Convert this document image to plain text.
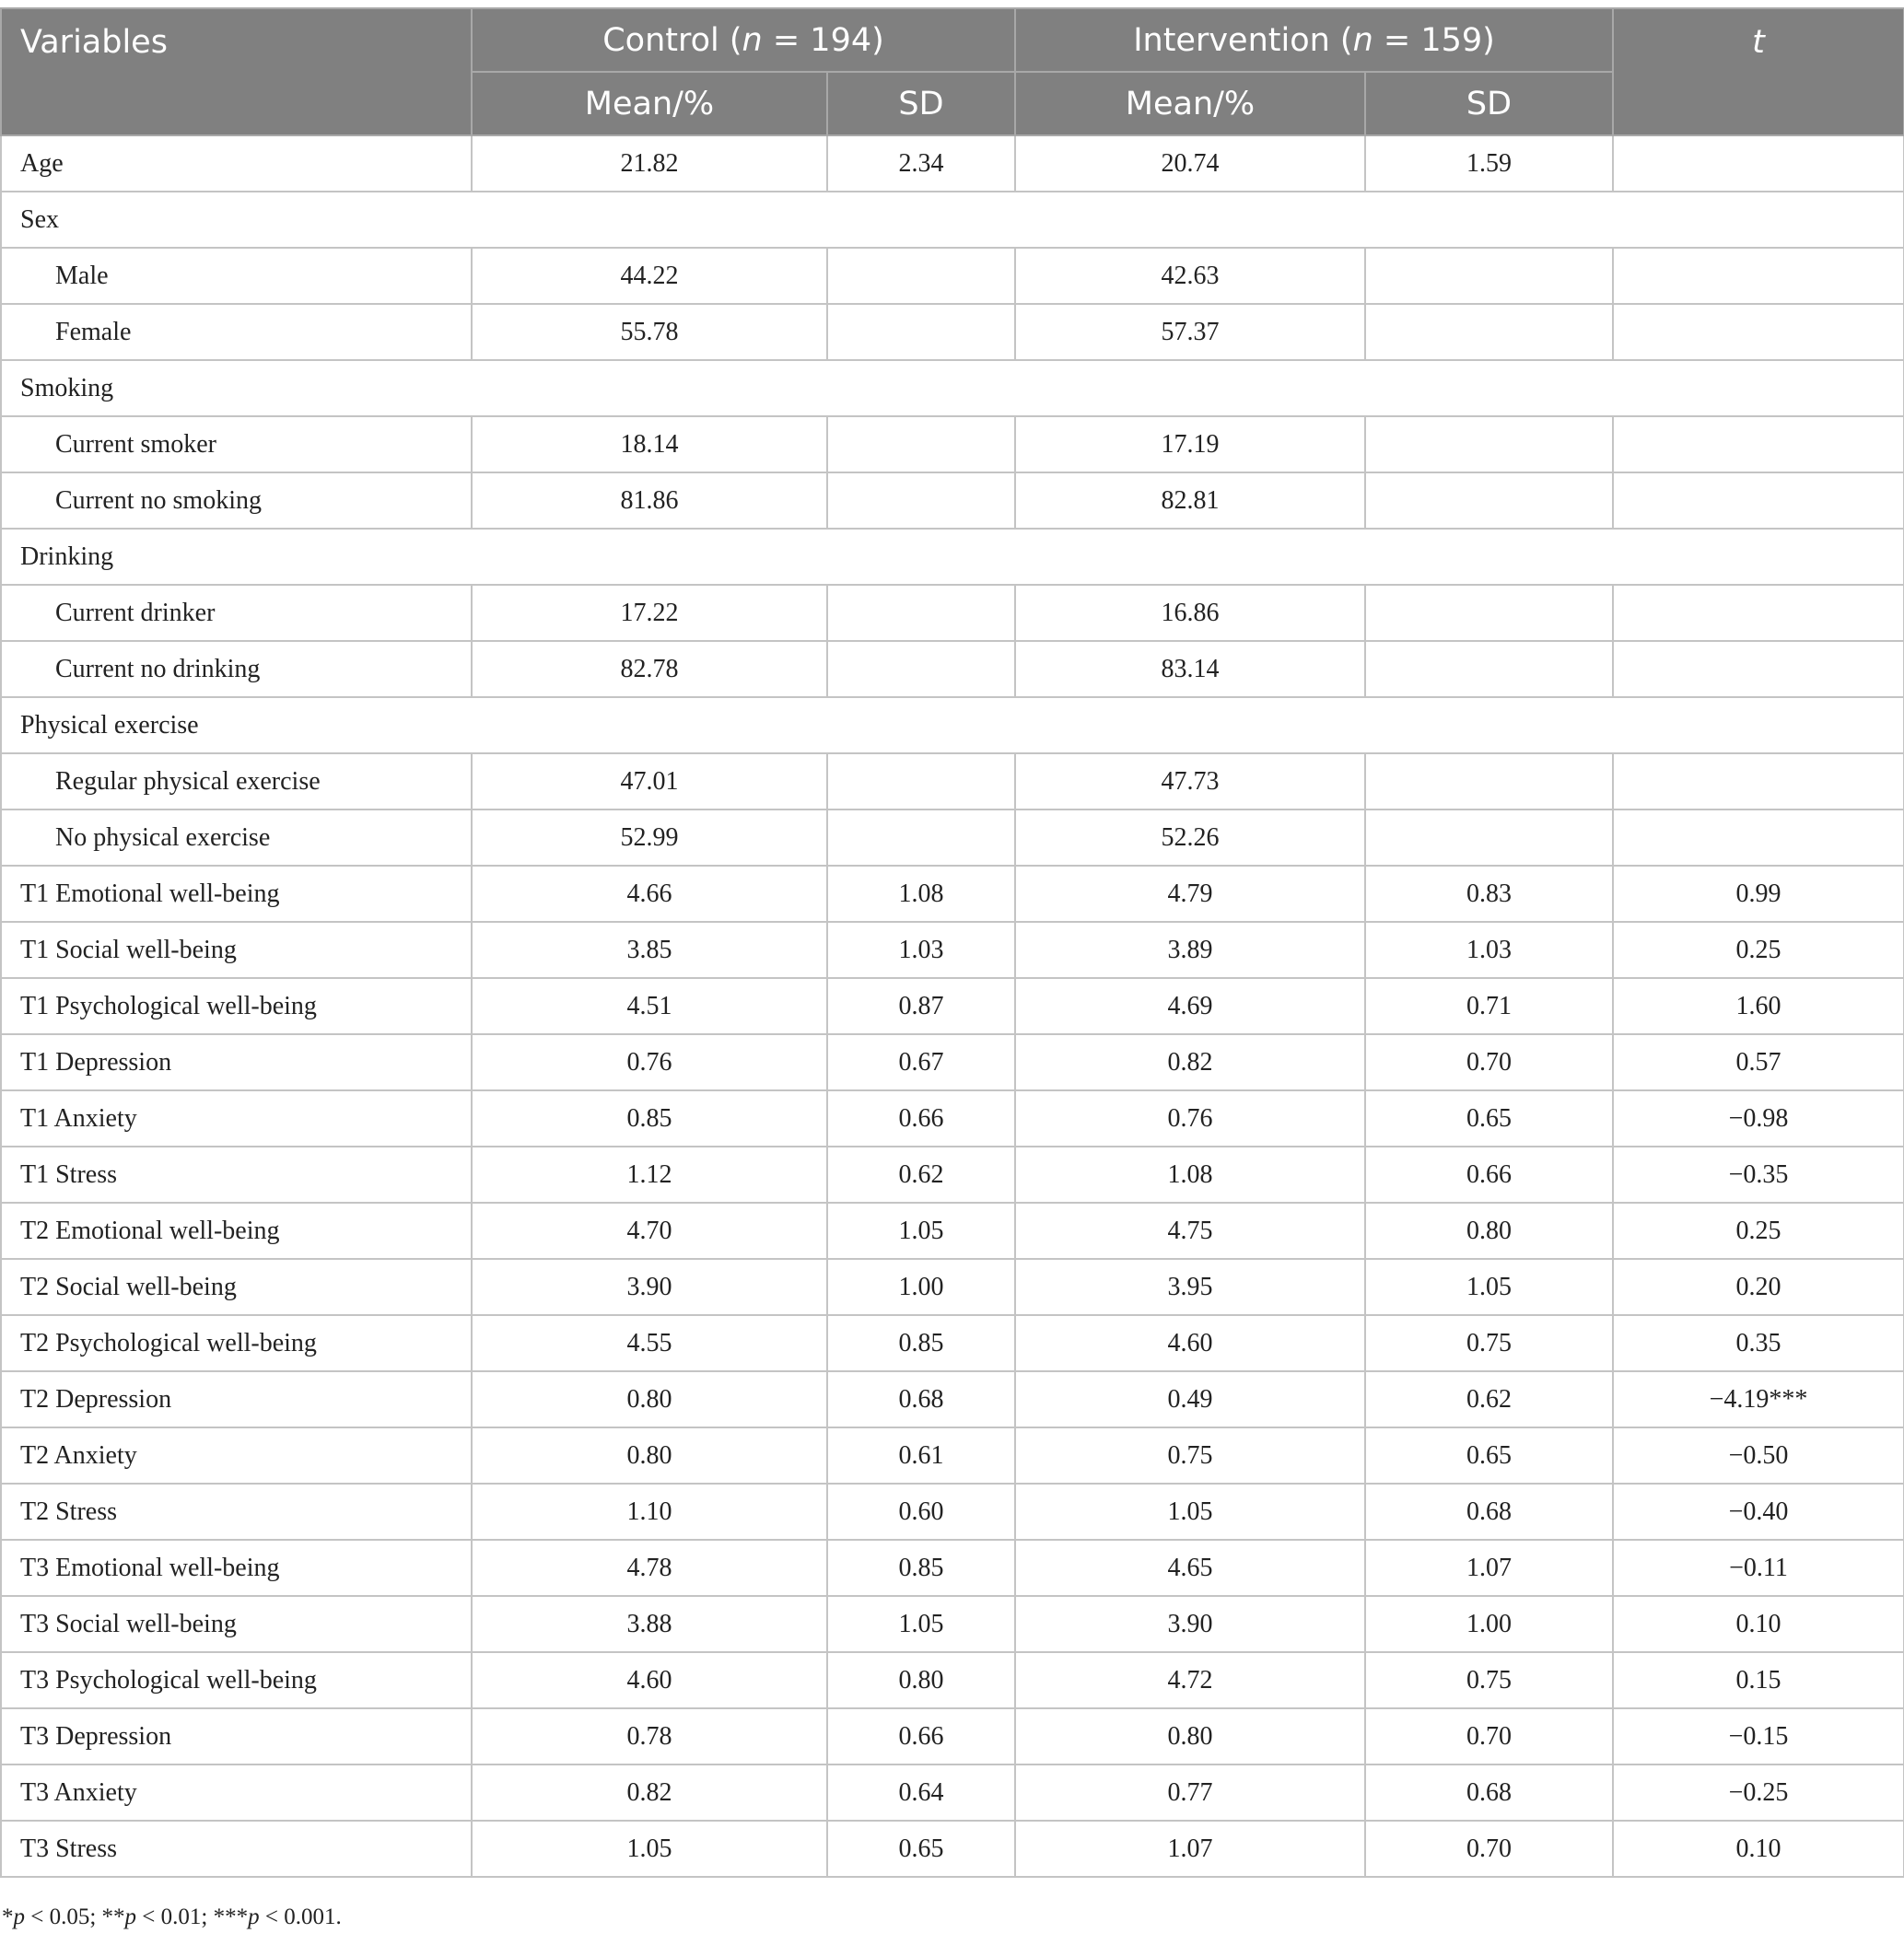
Variables	Control (n = 194)		Intervention (n = 159)		t
	Mean/%	SD	Mean/%	SD	
Age	21.82	2.34	20.74	1.59	
Sex					
Male	44.22		42.63		
Female	55.78		57.37		
Smoking					
Current smoker	18.14		17.19		
Current no smoking	81.86		82.81		
Drinking					
Current drinker	17.22		16.86		
Current no drinking	82.78		83.14		
Physical exercise					
Regular physical exercise	47.01		47.73		
No physical exercise	52.99		52.26		
T1 Emotional well-being	4.66	1.08	4.79	0.83	0.99
T1 Social well-being	3.85	1.03	3.89	1.03	0.25
T1 Psychological well-being	4.51	0.87	4.69	0.71	1.60
T1 Depression	0.76	0.67	0.82	0.70	0.57
T1 Anxiety	0.85	0.66	0.76	0.65	−0.98
T1 Stress	1.12	0.62	1.08	0.66	−0.35
T2 Emotional well-being	4.70	1.05	4.75	0.80	0.25
T2 Social well-being	3.90	1.00	3.95	1.05	0.20
T2 Psychological well-being	4.55	0.85	4.60	0.75	0.35
T2 Depression	0.80	0.68	0.49	0.62	−4.19***
T2 Anxiety	0.80	0.61	0.75	0.65	−0.50
T2 Stress	1.10	0.60	1.05	0.68	−0.40
T3 Emotional well-being	4.78	0.85	4.65	1.07	−0.11
T3 Social well-being	3.88	1.05	3.90	1.00	0.10
T3 Psychological well-being	4.60	0.80	4.72	0.75	0.15
T3 Depression	0.78	0.66	0.80	0.70	−0.15
T3 Anxiety	0.82	0.64	0.77	0.68	−0.25
T3 Stress	1.05	0.65	1.07	0.70	0.10
*p < 0.05; **p < 0.01; ***p < 0.001.
